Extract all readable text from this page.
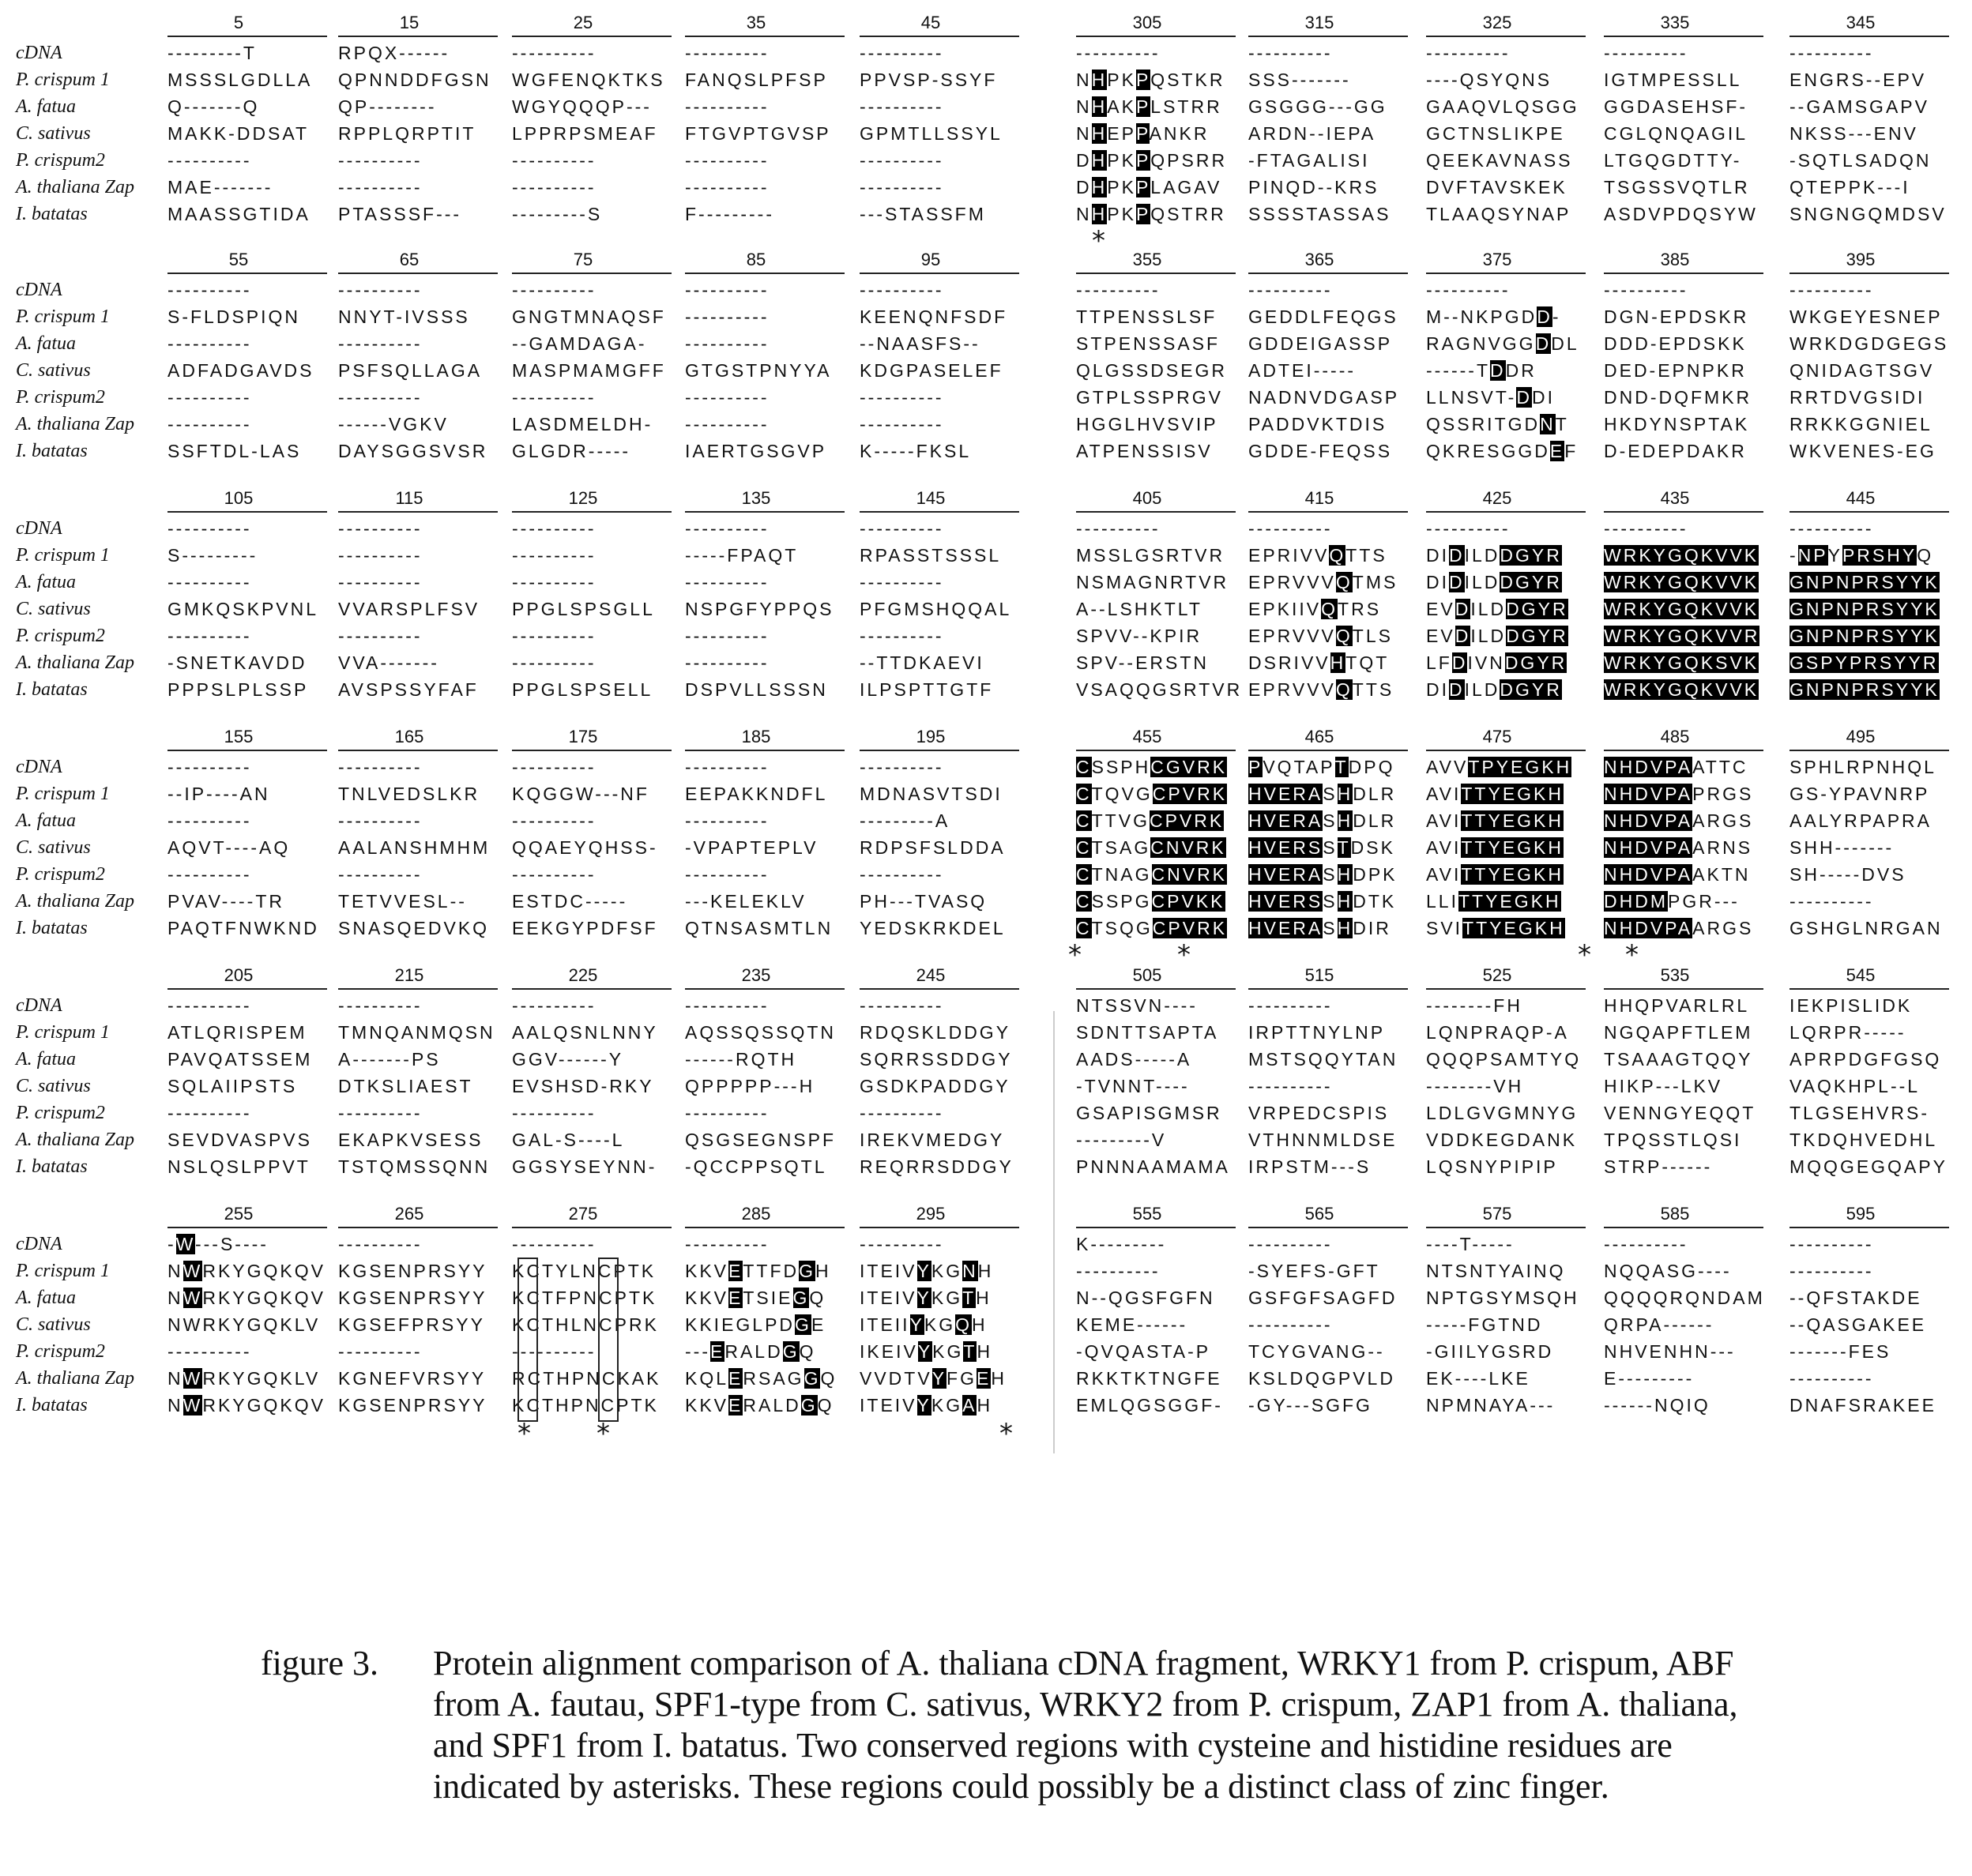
5	15	25	35	45
cDNA	---------T	RPQX------	----------	----------	----------
P. crispum 1	MSSSLGDLLA QPNNDDFGSN WGFENQKTKS FANQSLPFSP PPVSP-SSYF
A. fatua	Q-------Q	QP--------	WGYQQQP--- ----------	----------
C. sativus	MAKK-DDSAT RPPLQRPTIT LPPRPSMEAF FTGVPTGVSP GPMTLLSSYL
P. crispum2	----------	----------	----------	----------	----------
A. thaliana Zap	MAE-------	----------	----------	----------	----------
I. batatas	MAASSGTIDA PTASSSF---	---------S	F---------	---STASSFM
55	65	75	85	95
cDNA	----------	----------	----------	----------	----------
P. crispum 1	S-FLDSPIQN NNYT-IVSSS GNGTMNAQSF ----------	KEENQNFSDF
A. fatua	----------	----------	--GAMDAGA- ----------	--NAASFS--
C. sativus	ADFADGAVDS PSFSQLLAGA MASPMAMGFF GTGSTPNYYA KDGPASELEF
P. crispum2	----------	----------	----------	----------	----------
A. thaliana Zap	----------	------VGKV	LASDMELDH- ----------	----------
I. batatas	SSFTDL-LAS DAYSGGSVSR GLGDR-----	IAERTGSGVP K-----FKSL
105	115	125	135	145
cDNA	----------	----------	----------	----------	----------
P. crispum 1	S---------	----------	----------	-----FPAQT	RPASSTSSSL
A. fatua	----------	----------	----------	----------	----------
C. sativus	GMKQSKPVNL VVARSPLFSV PPGLSPSGLL NSPGFYPPQS PFGMSHQQAL
P. crispum2	----------	----------	----------	----------	----------
A. thaliana Zap	-SNETKAVDD VVA-------	----------	----------	--TTDKAEVI
I. batatas	PPPSLPLSSP AVSPSSYFAF PPGLSPSELL DSPVLLSSSN ILPSPTTGTF
155	165	175	185	195
cDNA	----------	----------	----------	----------	----------
P. crispum 1	--IP----AN	TNLVEDSLKR KQGGW---NF EEPAKKNDFL MDNASVTSDI
A. fatua	----------	----------	----------	----------	---------A
C. sativus	AQVT----AQ	AALANSHMHM QQAEYQHSS- -VPAPTEPLV RDPSFSLDDA
P. crispum2	----------	----------	----------	----------	----------
A. thaliana Zap	PVAV----TR	TETVVESL-- ESTDC-----	---KELEKLV	PH---TVASQ
I. batatas	PAQTFNWKND SNASQEDVKQ EEKGYPDFSF QTNSASMTLN YEDSKRKDEL
205	215	225	235	245
cDNA	----------	----------	----------	----------	----------
P. crispum 1	ATLQRISPEM TMNQANMQSN AALQSNLNNY AQSSQSSQTN RDQSKLDDGY
A. fatua	PAVQATSSEM A-------PS	GGV------Y	------RQTH	SQRRSSDDGY
C. sativus	SQLAIIPSTS DTKSLIAEST EVSHSD-RKY QPPPPP---H GSDKPADDGY
P. crispum2	----------	----------	----------	----------	----------
A. thaliana Zap	SEVDVASPVS EKAPKVSESS GAL-S----L	QSGSEGNSPF IREKVMEDGY
I. batatas	NSLQSLPPVT TSTQMSSQNN GGSYSEYNN- -QCCPPSQTL REQRRSDDGY
255	265	275	285	295
cDNA	-W---S----	----------	----------	----------	----------
P. crispum 1	NWRKYGQKQV KGSENPRSYY KCTYLNCPTK KKVETTFDGH ITEIVYKGNH
A. fatua	NWRKYGQKQV KGSENPRSYY KCTFPNCPTK KKVETSIEGQ ITEIVYKGTH
C. sativus	NWRKYGQKLV KGSEFPRSYY KCTHLNCPRK KKIEGLPDGE ITEIIYKGQH
P. crispum2	----------	----------	----------	---ERALDGQ IKEIVYKGTH
A. thaliana Zap	NWRKYGQKLV KGNEFVRSYY RCTHPNCKAK KQLERSAGGQ VVDTVYFGEH
I. batatas	NWRKYGQKQV KGSENPRSYY KCTHPNCPTK KKVERALDGQ ITEIVYKGAH
* *	*
305	315	325	335	345
----------	----------	----------	----------	----------
NHPKPQSTKR SSS-------	----QSYQNS	IGTMPESSLL	ENGRS--EPV
NHAKPLSTRR GSGGG---GG GAAQVLQSGG GGDASEHSF- --GAMSGAPV
NHEPPANKR ARDN--IEPA	GCTNSLIKPE CGLQNQAGIL NKSS---ENV
DHPKPQPSRR -FTAGALISI	QEEKAVNASS LTGQGDTTY-	-SQTLSADQN
DHPKPLAGAV PINQD--KRS	DVFTAVSKEK TSGSSVQTLR QTEPPK---I
NHPKPQSTRR SSSSTASSAS TLAAQSYNAP ASDVPDQSYW SNGNGQMDSV
355	365	375	385	395
----------	----------	----------	----------	----------
TTPENSSLSF GEDDLFEQGS M--NKPGDD- DGN-EPDSKR WKGEYESNEP
STPENSSASF GDDEIGASSP RAGNVGGDDL DDD-EPDSKK WRKDGDGEGS
QLGSSDSEGR ADTEI-----	------TDDR	DED-EPNPKR QNIDAGTSGV
GTPLSSPRGV NADNVDGASP LLNSVT-DDI	DND-DQFMKR RRTDVGSIDI
HGGLHVSVIP PADDVKTDIS QSSRITGDNT HKDYNSPTAK RRKKGGNIEL
ATPENSSISV GDDE-FEQSS QKRESGGDEF D-EDEPDAKR WKVENES-EG
405	415	425	435	445
----------	----------	----------	----------	----------
MSSLGSRTVR EPRIVVQTTS DIDILDDGYR WRKYGQKVVK -NPYPRSHYQ
NSMAGNRTVR EPRVVVQTMS DIDILDDGYR WRKYGQKVVK GNPNPRSYYK
A--LSHKTLT	EPKIIVQTRS EVDILDDGYR WRKYGQKVVK GNPNPRSYYK
SPVV--KPIR	EPRVVVQTLS EVDILDDGYR WRKYGQKVVR GNPNPRSYYK
SPV--ERSTN DSRIVVHTQT LFDIVNDGYR WRKYGQKSVK GSPYPRSYYR
VSAQQGSRTVR EPRVVVQTTS DIDILDDGYR WRKYGQKVVK GNPNPRSYYK
455	465	475	485	495
CSSPHCGVRK PVQTAPTDPQ AVVTPYEGKH NHDVPAATTC SPHLRPNHQL
CTQVGCPVRK HVERASHDLR AVITTYEGKH NHDVPAPRGS GS-YPAVNRP
CTTVGCPVRK HVERASHDLR AVITTYEGKH NHDVPAARGS AALYRPAPRA
CTSAGCNVRK HVERSSTDSK AVITTYEGKH NHDVPAARNS SHH-------
CTNAGCNVRK HVERASHDPK AVITTYEGKH NHDVPAAKTN SH-----DVS
CSSPGCPVKK HVERSSHDTK LLITTYEGKH DHDMPGR---	----------
CTSQGCPVRK HVERASHDIR SVITTYEGKH NHDVPAARGS GSHGLNRGAN
505	515	525	535	545
NTSSVN----	----------	--------FH	HHQPVARLRL IEKPISLIDK
SDNTTSAPTA IRPTTNYLNP LQNPRAQP-A NGQAPFTLEM LQRPR-----
AADS-----A	MSTSQQYTAN QQQPSAMTYQ TSAAAGTQQY APRPDGFGSQ
-TVNNT----	----------	--------VH	HIKP---LKV	VAQKHPL--L
GSAPISGMSR VRPEDCSPIS LDLGVGMNYG VENNGYEQQT TLGSEHVRS-
---------V	VTHNNMLDSE VDDKEGDANK TPQSSTLQSI	TKDQHVEDHL
PNNNAAMAMA IRPSTM---S	LQSNYPIPIP	STRP------	MQQGEGQAPY
555	565	575	585	595
K---------	----------	----T-----	----------	----------
----------	-SYEFS-GFT	NTSNTYAINQ NQQASG----	----------
N--QGSFGFN GSFGFSAGFD NPTGSYMSQH QQQQRQNDAM --QFSTAKDE
KEME------	----------	-----FGTND	QRPA------	--QASGAKEE
-QVQASTA-P TCYGVANG-- -GIILYGSRD	NHVENHN---	-------FES
RKKTKTNGFE KSLDQGPVLD EK----LKE	E---------	----------
EMLQGSGGF- -GY---SGFG	NPMNAYA---	------NQIQ	DNAFSRAKEE
*
*	*	* *
figure 3. Protein alignment comparison of A. thaliana cDNA fragment, WRKY1 from P. crispum, ABF from A. fautau, SPF1-type from C. sativus, WRKY2 from P. crispum, ZAP1 from A. thaliana, and SPF1 from I. batatus. Two conserved regions with cysteine and histidine residues are indicated by asterisks. These regions could possibly be a distinct class of zinc finger.
